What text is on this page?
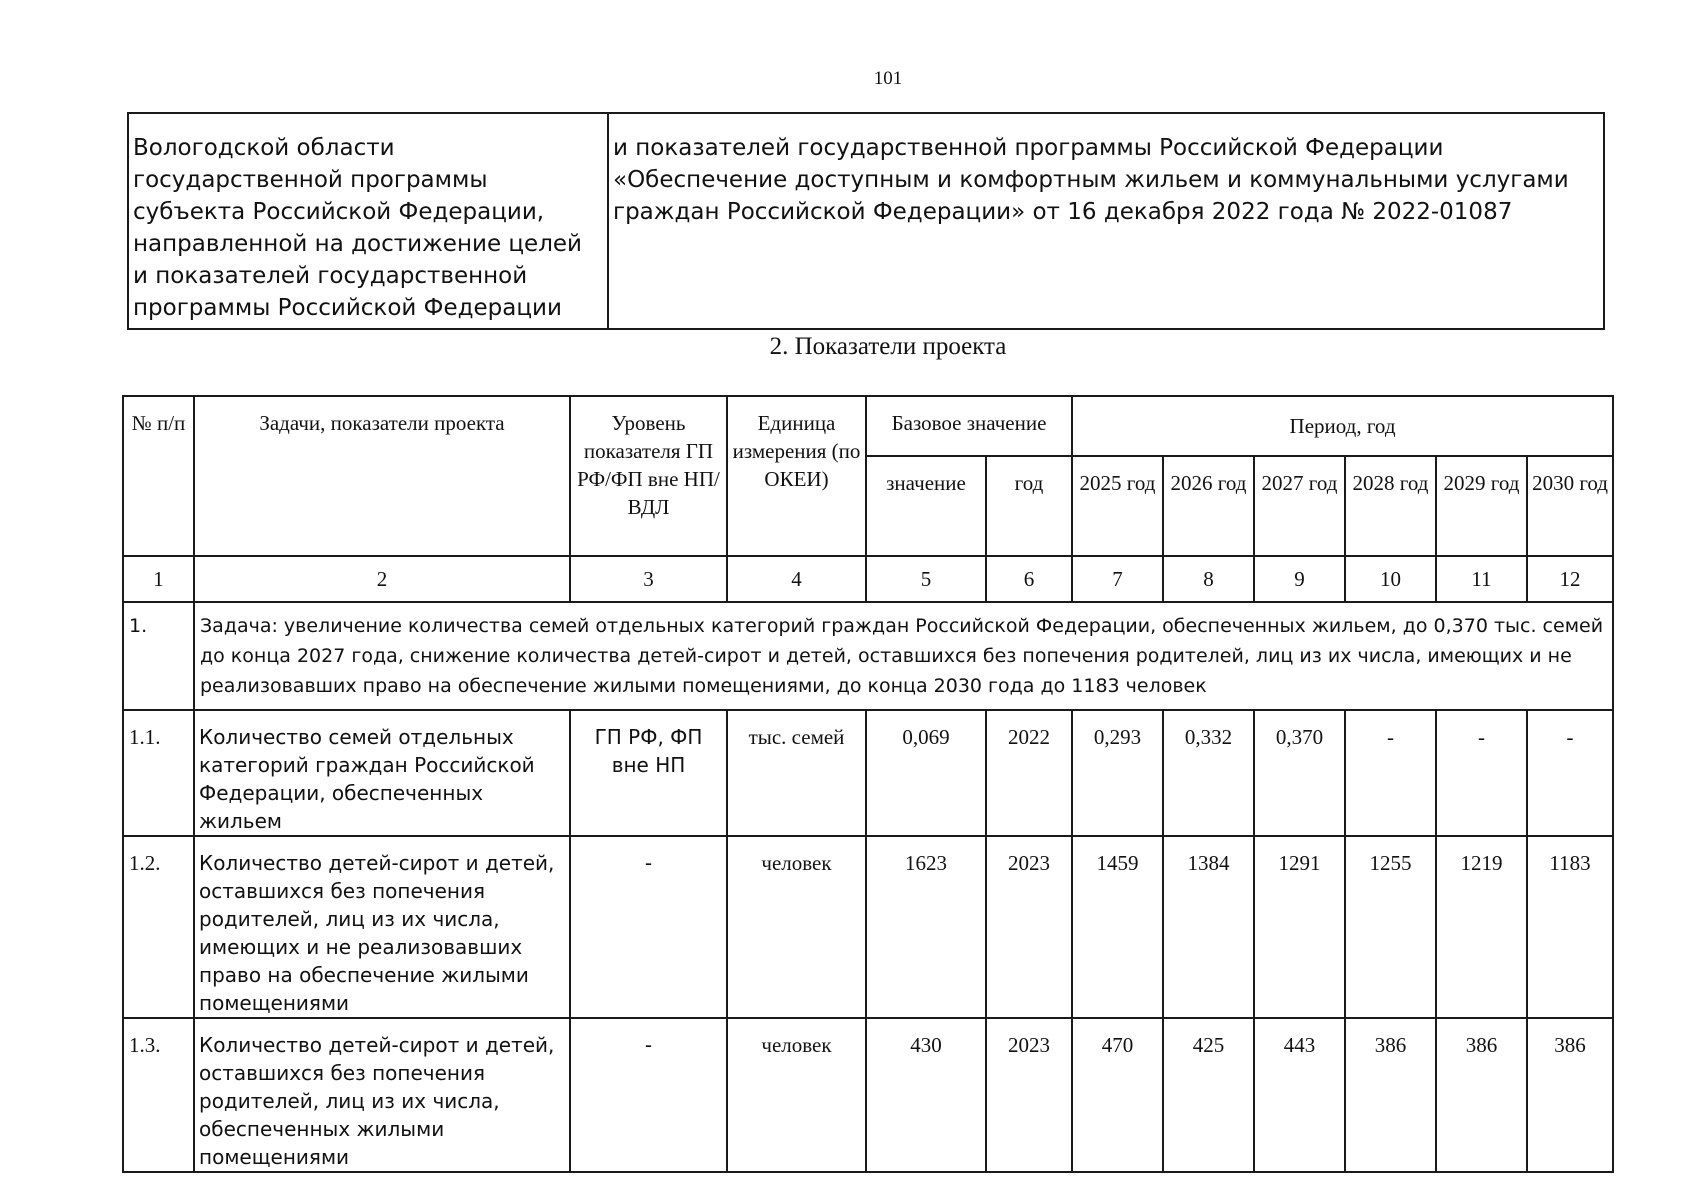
101
Вологодской области государственной программы субъекта Российской Федерации, направленной на достижение целей и показателей государственной программы Российской Федерации	и показателей государственной программы Российской Федерации «Обеспечение доступным и комфортным жильем и коммунальными услугами граждан Российской Федерации» от 16 декабря 2022 года № 2022-01087
2. Показатели проекта
№ п/п	Задачи, показатели проекта	Уровень показателя ГП РФ/ФП вне НП/ВДЛ	Единица измерения (по ОКЕИ)	Базовое значение		Период, год					
				значение	год	2025 год	2026 год	2027 год	2028 год	2029 год	2030 год
1	2	3	4	5	6	7	8	9	10	11	12
1.	Задача: увеличение количества семей отдельных категорий граждан Российской Федерации, обеспеченных жильем, до 0,370 тыс. семей до конца 2027 года, снижение количества детей-сирот и детей, оставшихся без попечения родителей, лиц из их числа, имеющих и не реализовавших право на обеспечение жилыми помещениями, до конца 2030 года до 1183 человек										
1.1.	Количество семей отдельных категорий граждан Российской Федерации, обеспеченных жильем	ГП РФ, ФП вне НП	тыс. семей	0,069	2022	0,293	0,332	0,370	-	-	-
1.2.	Количество детей-сирот и детей, оставшихся без попечения родителей, лиц из их числа, имеющих и не реализовавших право на обеспечение жилыми помещениями	-	человек	1623	2023	1459	1384	1291	1255	1219	1183
1.3.	Количество детей-сирот и детей, оставшихся без попечения родителей, лиц из их числа, обеспеченных жилыми помещениями	-	человек	430	2023	470	425	443	386	386	386
